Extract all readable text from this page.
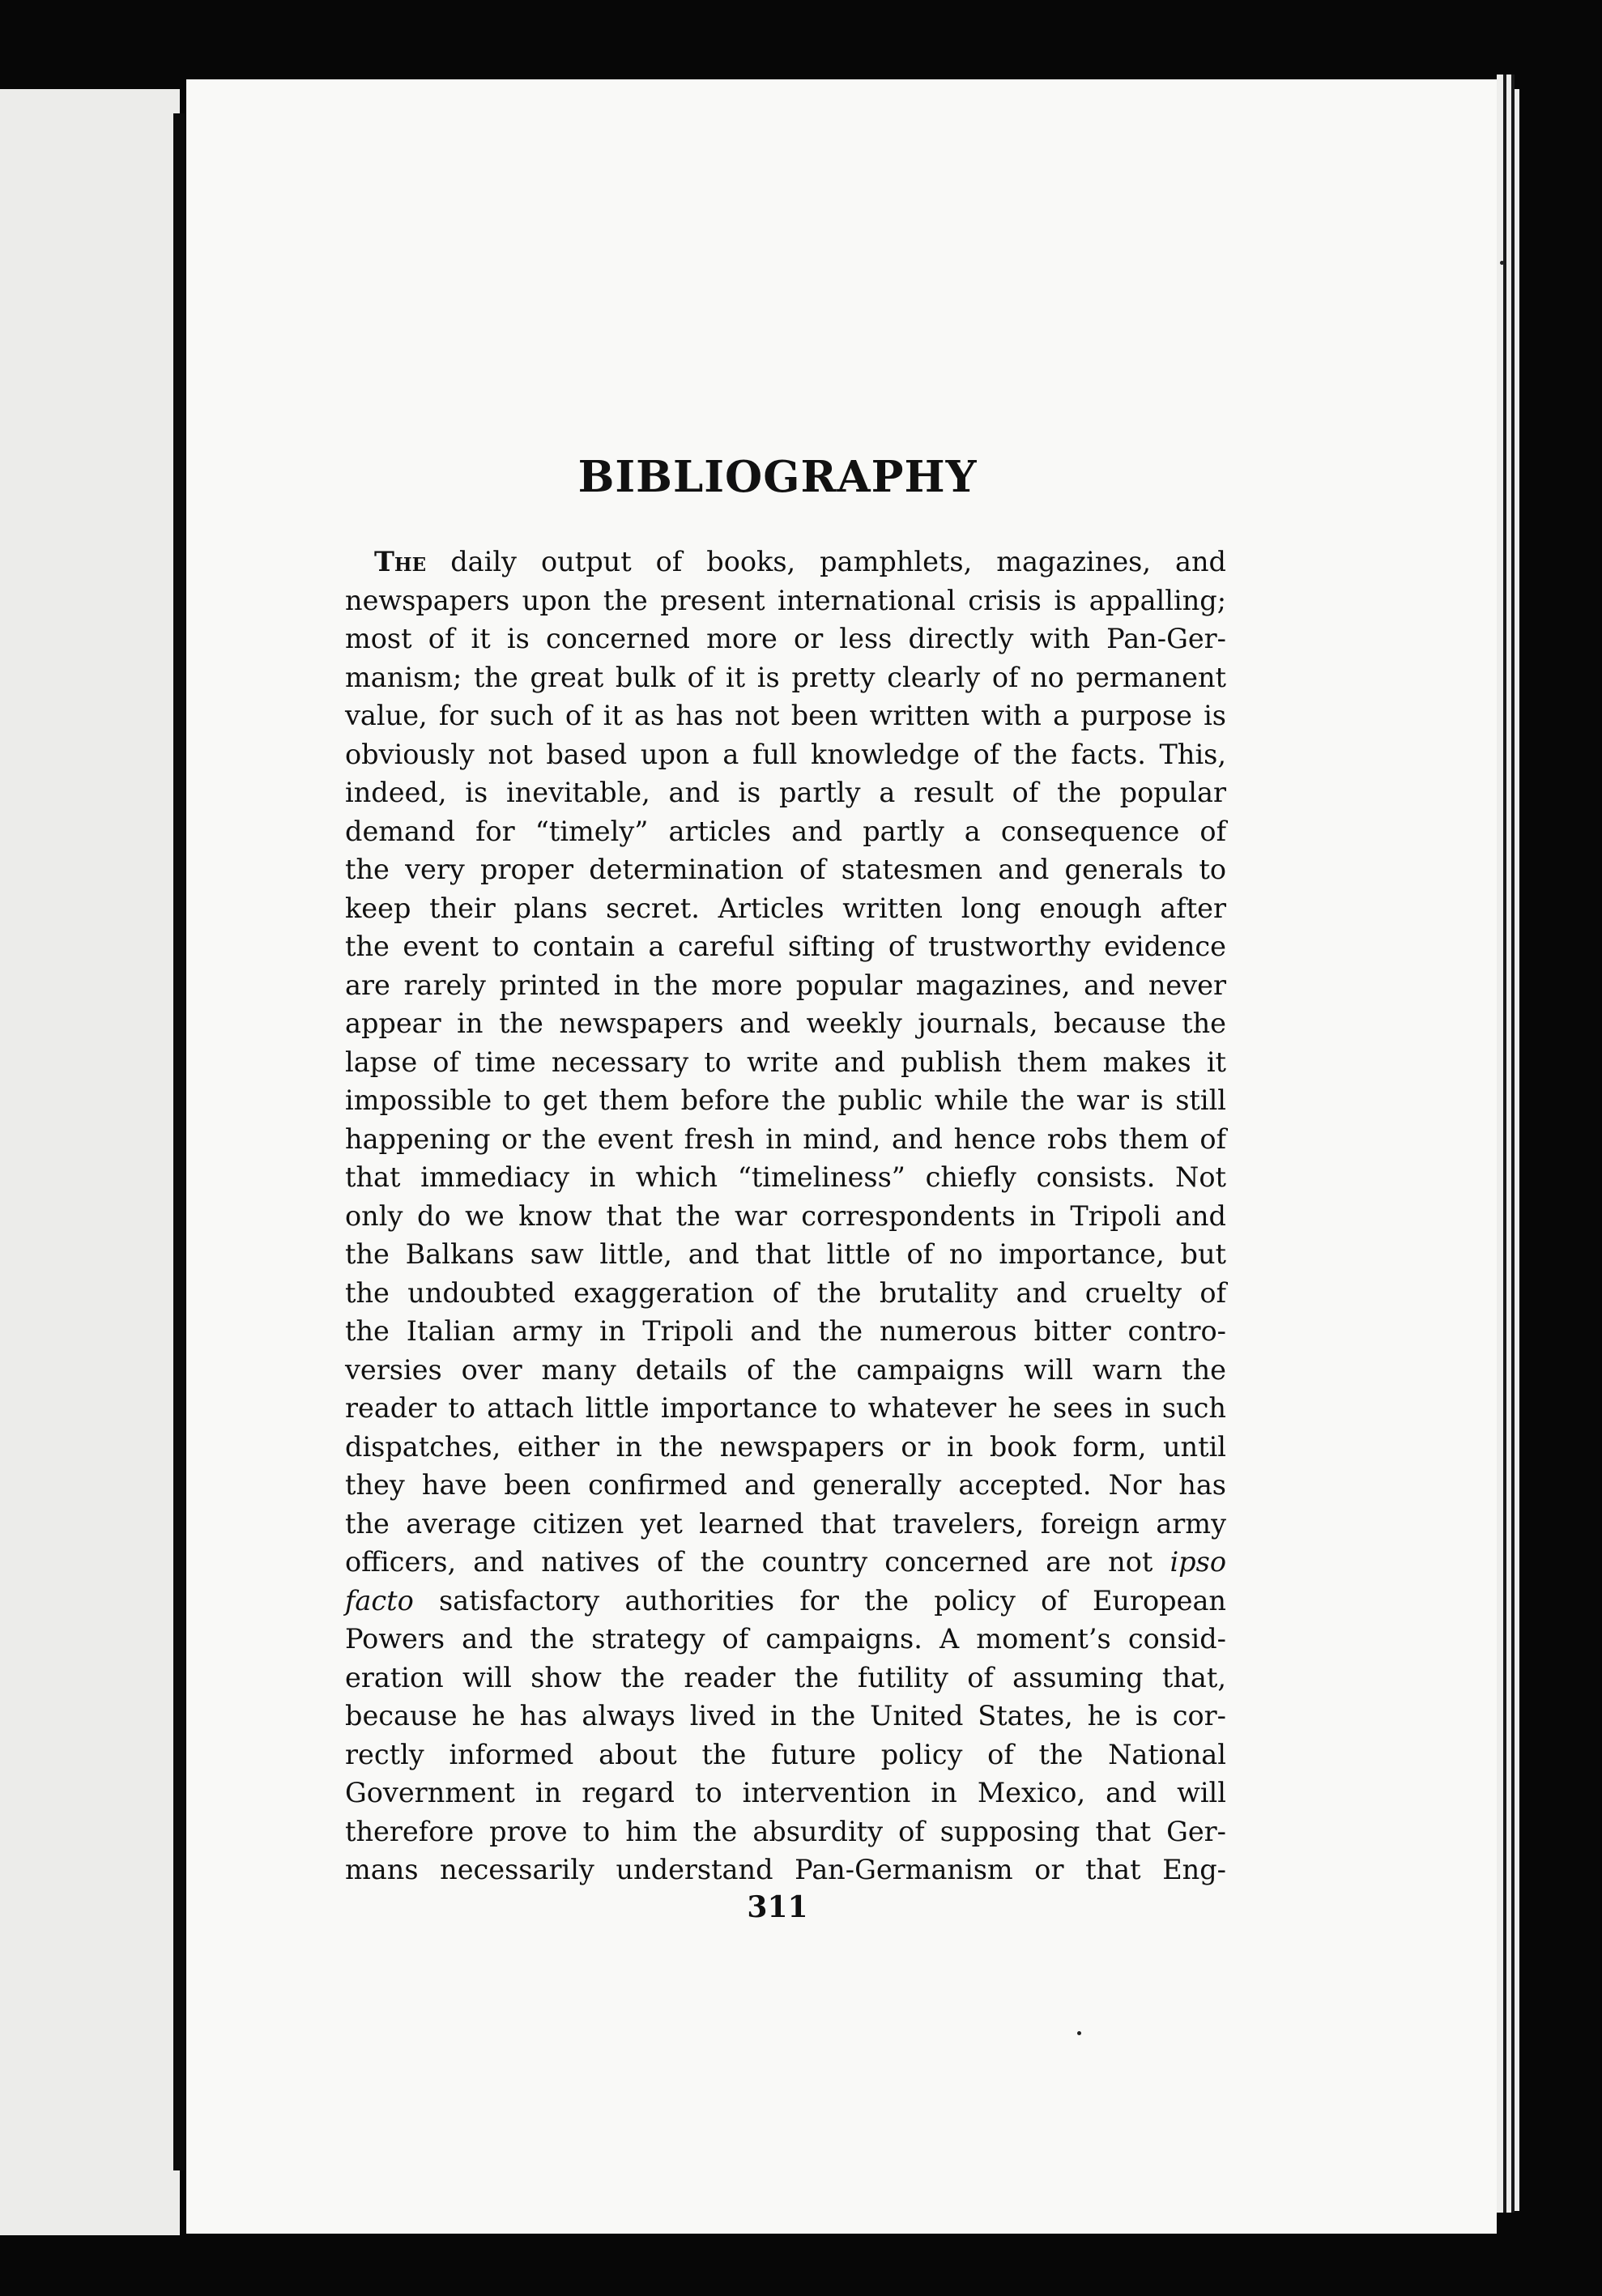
BIBLIOGRAPHY
The daily output of books, pamphlets, magazines, and
newspapers upon the present international crisis is appalling;
most of it is concerned more or less directly with Pan-Ger-
manism; the great bulk of it is pretty clearly of no permanent
value, for such of it as has not been written with a purpose is
obviously not based upon a full knowledge of the facts. This,
indeed, is inevitable, and is partly a result of the popular
demand for “timely” articles and partly a consequence of
the very proper determination of statesmen and generals to
keep their plans secret. Articles written long enough after
the event to contain a careful sifting of trustworthy evidence
are rarely printed in the more popular magazines, and never
appear in the newspapers and weekly journals, because the
lapse of time necessary to write and publish them makes it
impossible to get them before the public while the war is still
happening or the event fresh in mind, and hence robs them of
that immediacy in which “timeliness” chiefly consists. Not
only do we know that the war correspondents in Tripoli and
the Balkans saw little, and that little of no importance, but
the undoubted exaggeration of the brutality and cruelty of
the Italian army in Tripoli and the numerous bitter contro-
versies over many details of the campaigns will warn the
reader to attach little importance to whatever he sees in such
dispatches, either in the newspapers or in book form, until
they have been confirmed and generally accepted. Nor has
the average citizen yet learned that travelers, foreign army
officers, and natives of the country concerned are not ipso
facto satisfactory authorities for the policy of European
Powers and the strategy of campaigns. A moment’s consid-
eration will show the reader the futility of assuming that,
because he has always lived in the United States, he is cor-
rectly informed about the future policy of the National
Government in regard to intervention in Mexico, and will
therefore prove to him the absurdity of supposing that Ger-
mans necessarily understand Pan-Germanism or that Eng-
311
